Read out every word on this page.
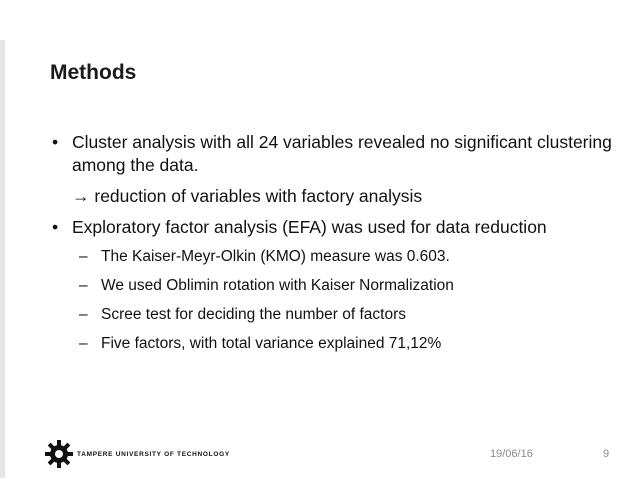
Methods
• Cluster analysis with all 24 variables revealed no significant clustering among the data.
→ reduction of variables with factory analysis
• Exploratory factor analysis (EFA) was used for data reduction
– The Kaiser-Meyr-Olkin (KMO) measure was 0.603.
– We used Oblimin rotation with Kaiser Normalization
– Scree test for deciding the number of factors
– Five factors, with total variance explained 71,12%
TAMPERE UNIVERSITY OF TECHNOLOGY	19/06/16	9
